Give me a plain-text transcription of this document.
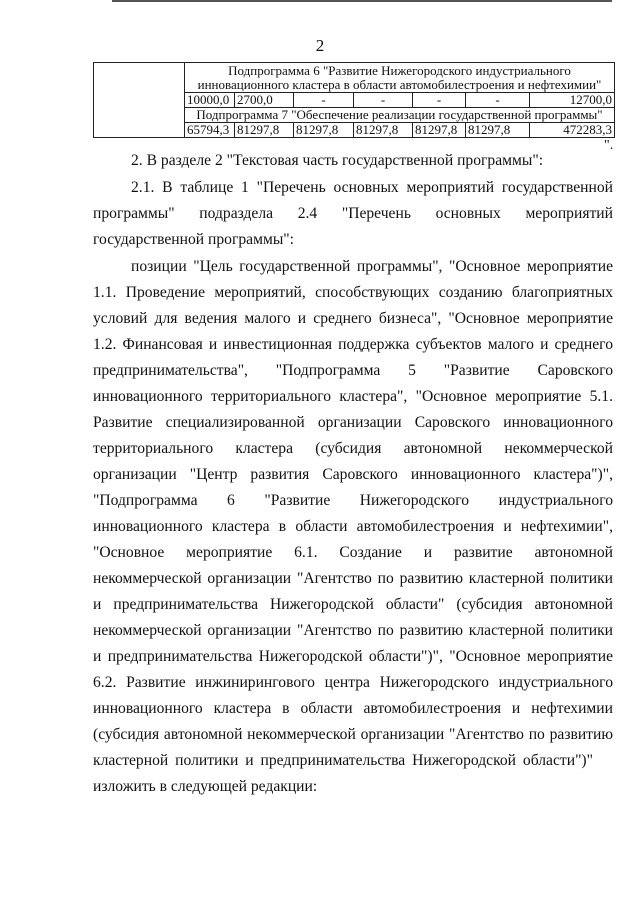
2

	Подпрограмма 6 "Развитие Нижегородского индустриального
инновационного кластера в области автомобилестроения и нефтехимии"						

	10000,0	2700,0	-	-	-	-	12700,0
	Подпрограмма 7 "Обеспечение реализации государственной программы"						
	65794,3	81297,8	81297,8	81297,8	81297,8	81297,8	472283,3
".
2. В разделе 2 "Текстовая часть государственной программы":
2.1. В таблице 1 "Перечень основных мероприятий государственной
программы" подраздела 2.4 "Перечень основных мероприятий
государственной программы":
позиции "Цель государственной программы", "Основное мероприятие
1.1. Проведение мероприятий, способствующих созданию благоприятных
условий для ведения малого и среднего бизнеса", "Основное мероприятие
1.2. Финансовая и инвестиционная поддержка субъектов малого и среднего
предпринимательства", "Подпрограмма 5 "Развитие Саровского
инновационного территориального кластера", "Основное мероприятие 5.1.
Развитие специализированной организации Саровского инновационного
территориального кластера (субсидия автономной некоммерческой
организации "Центр развития Саровского инновационного кластера")",
"Подпрограмма 6 "Развитие Нижегородского индустриального
инновационного кластера в области автомобилестроения и нефтехимии",
"Основное мероприятие 6.1. Создание и развитие автономной
некоммерческой организации "Агентство по развитию кластерной политики
и предпринимательства Нижегородской области" (субсидия автономной
некоммерческой организации "Агентство по развитию кластерной политики
и предпринимательства Нижегородской области")", "Основное мероприятие
6.2. Развитие инжинирингового центра Нижегородского индустриального
инновационного кластера в области автомобилестроения и нефтехимии
(субсидия автономной некоммерческой организации "Агентство по развитию
кластерной политики и предпринимательства Нижегородской области")"
изложить в следующей редакции:
